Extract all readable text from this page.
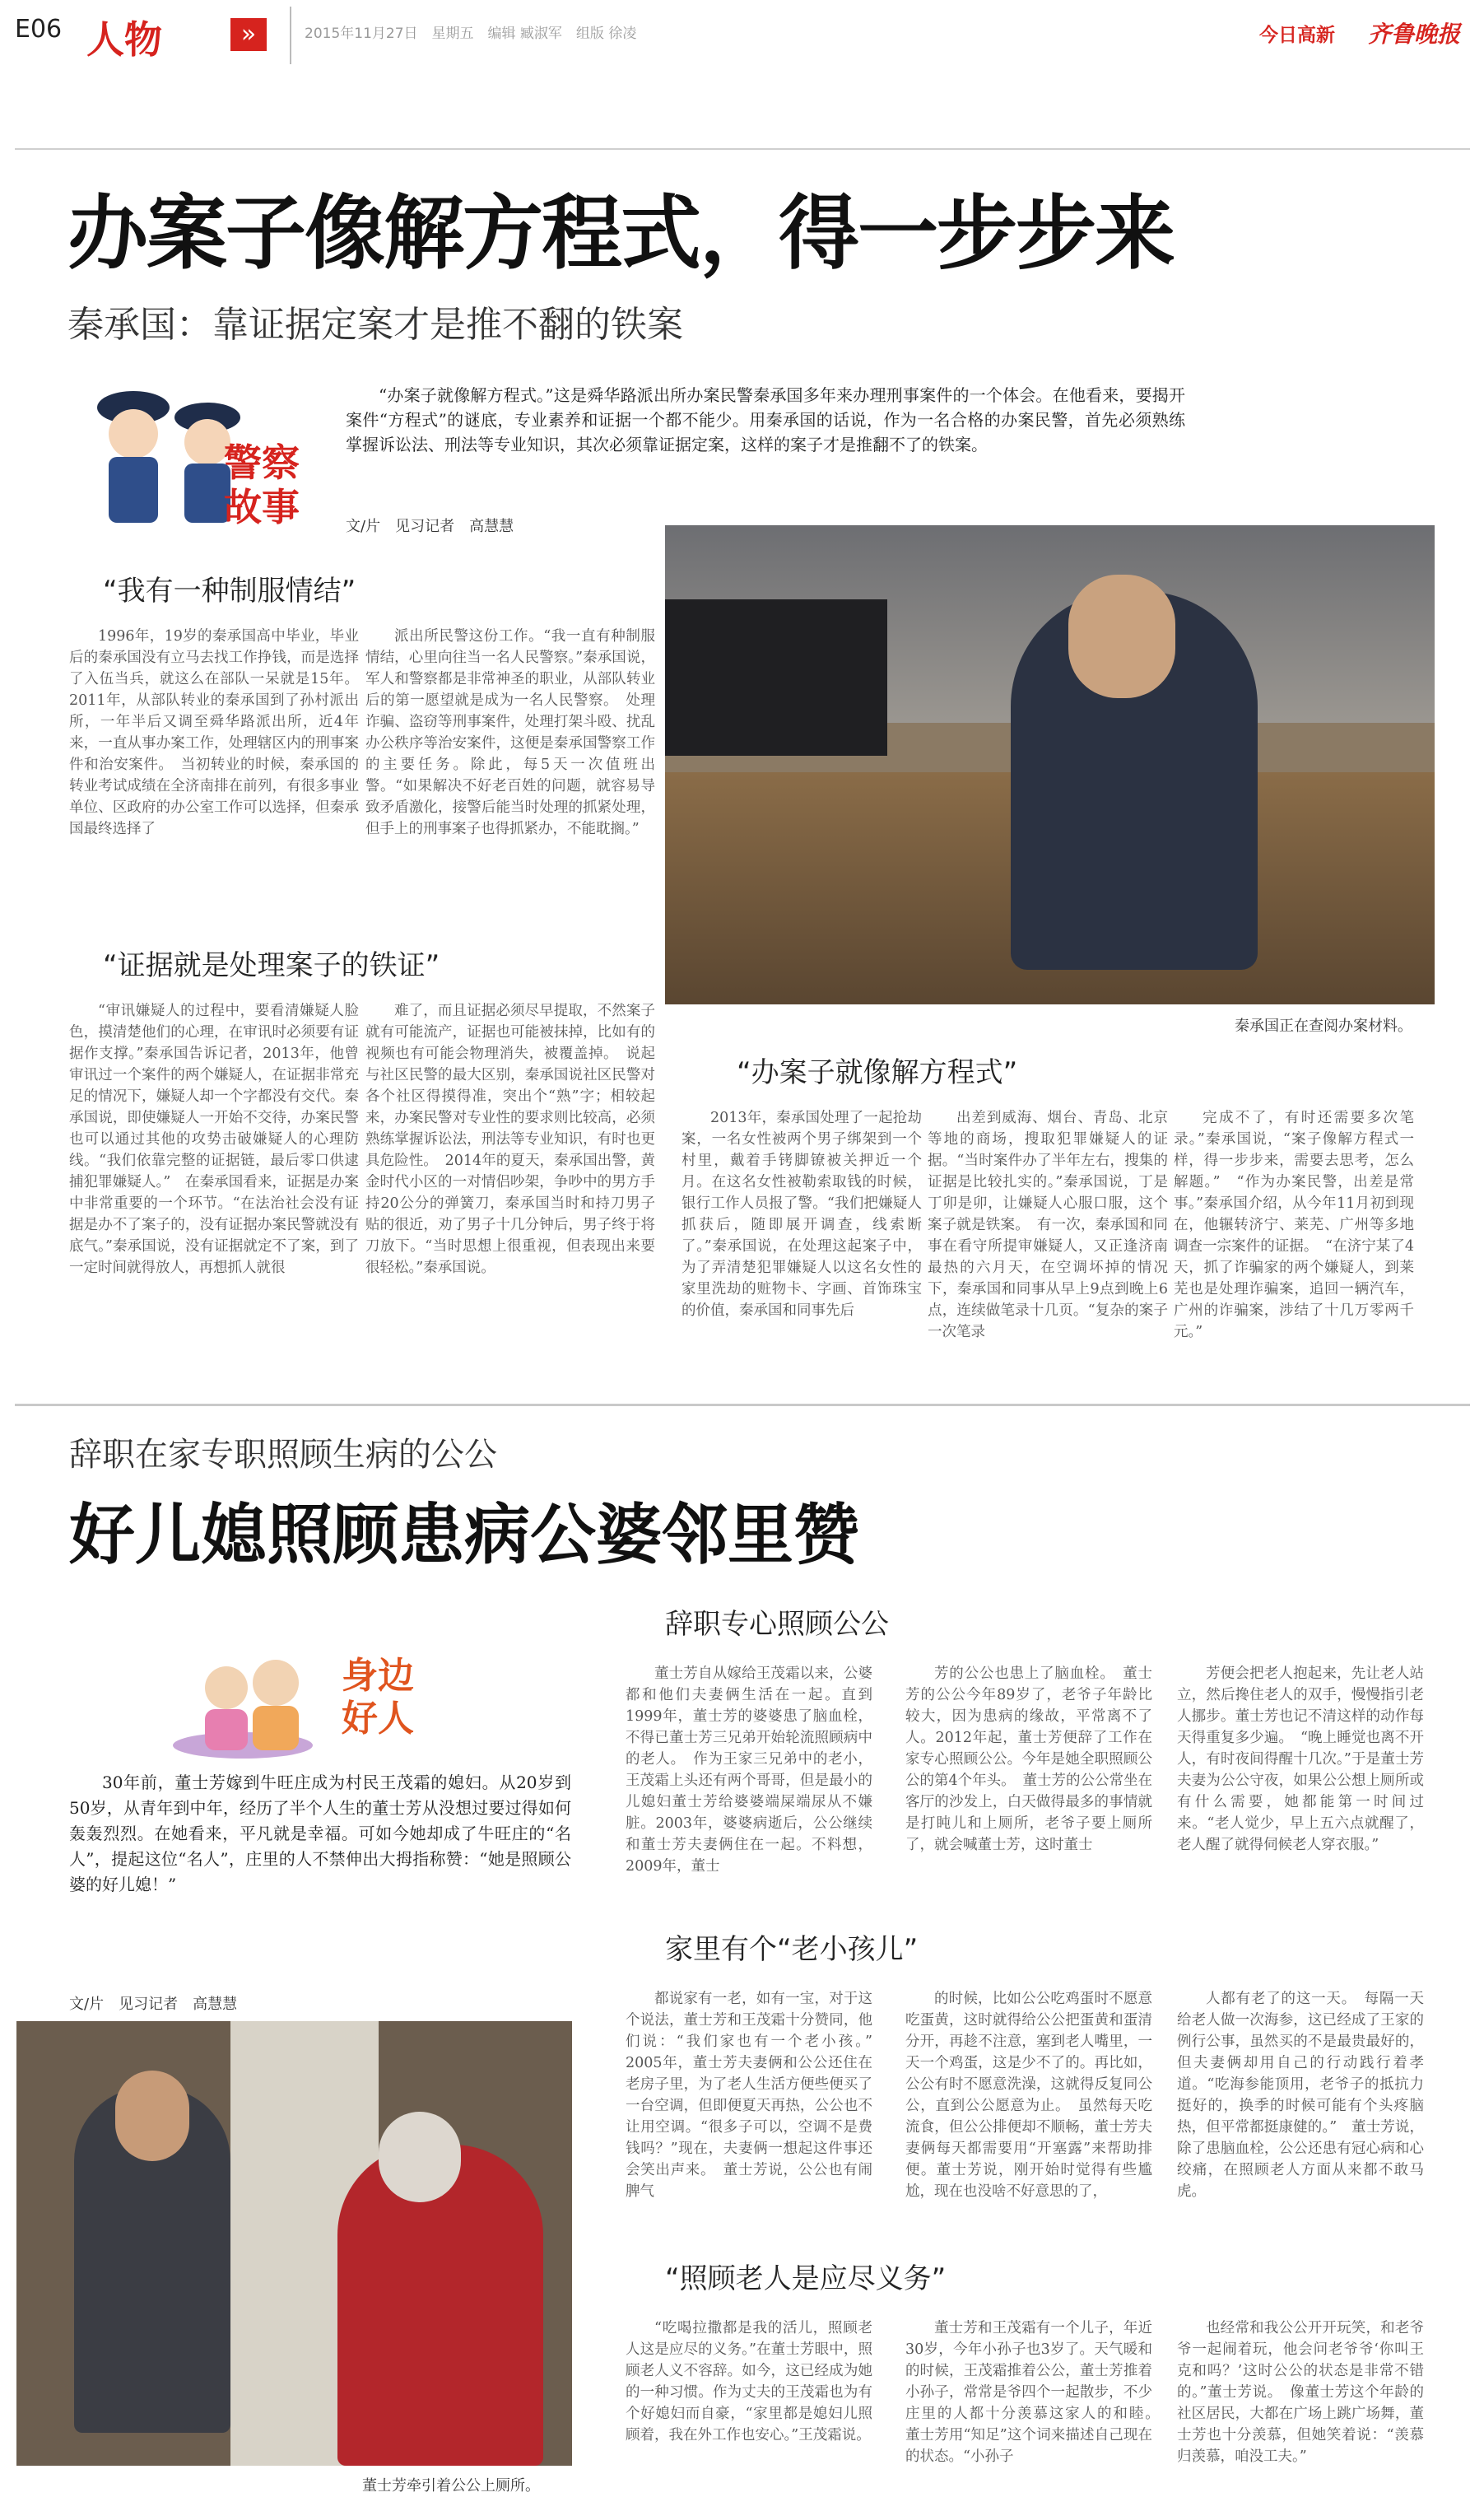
E06 人物	»	2015年11月27日　星期五　编辑 臧淑军　组版 徐凌	今日高新 齐鲁晚报
办案子像解方程式，得一步步来
秦承国：靠证据定案才是推不翻的铁案
警察故事

“办案子就像解方程式。”这是舜华路派出所办案民警秦承国多年来办理刑事案件的一个体会。在他看来，要揭开案件“方程式”的谜底，专业素养和证据一个都不能少。用秦承国的话说，作为一名合格的办案民警，首先必须熟练掌握诉讼法、刑法等专业知识，其次必须靠证据定案，这样的案子才是推翻不了的铁案。

文/片　见习记者　高慧慧
秦承国正在查阅办案材料。
“我有一种制服情结”

1996年，19岁的秦承国高中毕业，毕业后的秦承国没有立马去找工作挣钱，而是选择了入伍当兵，就这么在部队一呆就是15年。2011年，从部队转业的秦承国到了孙村派出所，一年半后又调至舜华路派出所，近4年来，一直从事办案工作，处理辖区内的刑事案件和治安案件。　当初转业的时候，秦承国的转业考试成绩在全济南排在前列，有很多事业单位、区政府的办公室工作可以选择，但秦承国最终选择了

派出所民警这份工作。“我一直有种制服情结，心里向往当一名人民警察。”秦承国说，军人和警察都是非常神圣的职业，从部队转业后的第一愿望就是成为一名人民警察。　处理诈骗、盗窃等刑事案件，处理打架斗殴、扰乱办公秩序等治安案件，这便是秦承国警察工作的主要任务。除此，每5天一次值班出警。“如果解决不好老百姓的问题，就容易导致矛盾激化，接警后能当时处理的抓紧处理，但手上的刑事案子也得抓紧办，不能耽搁。”

“证据就是处理案子的铁证”

“审讯嫌疑人的过程中，要看清嫌疑人脸色，摸清楚他们的心理，在审讯时必须要有证据作支撑。”秦承国告诉记者，2013年，他曾审讯过一个案件的两个嫌疑人，在证据非常充足的情况下，嫌疑人却一个字都没有交代。秦承国说，即使嫌疑人一开始不交待，办案民警也可以通过其他的攻势击破嫌疑人的心理防线。“我们依靠完整的证据链，最后零口供逮捕犯罪嫌疑人。”　在秦承国看来，证据是办案中非常重要的一个环节。“在法治社会没有证据是办不了案子的，没有证据办案民警就没有底气。”秦承国说，没有证据就定不了案，到了一定时间就得放人，再想抓人就很

难了，而且证据必须尽早提取，不然案子就有可能流产，证据也可能被抹掉，比如有的视频也有可能会物理消失，被覆盖掉。　说起与社区民警的最大区别，秦承国说社区民警对各个社区得摸得准，突出个“熟”字；相较起来，办案民警对专业性的要求则比较高，必须熟练掌握诉讼法，刑法等专业知识，有时也更具危险性。　2014年的夏天，秦承国出警，黄金时代小区的一对情侣吵架，争吵中的男方手持20公分的弹簧刀，秦承国当时和持刀男子贴的很近，劝了男子十几分钟后，男子终于将刀放下。“当时思想上很重视，但表现出来要很轻松。”秦承国说。

“办案子就像解方程式”

2013年，秦承国处理了一起抢劫案，一名女性被两个男子绑架到一个村里，戴着手铐脚镣被关押近一个月。在这名女性被勒索取钱的时候，银行工作人员报了警。“我们把嫌疑人抓获后，随即展开调查，线索断了。”秦承国说，在处理这起案子中，为了弄清楚犯罪嫌疑人以这名女性的家里洗劫的赃物卡、字画、首饰珠宝的价值，秦承国和同事先后

出差到威海、烟台、青岛、北京等地的商场，搜取犯罪嫌疑人的证据。“当时案件办了半年左右，搜集的证据是比较扎实的。”秦承国说，丁是丁卯是卯，让嫌疑人心服口服，这个案子就是铁案。　有一次，秦承国和同事在看守所提审嫌疑人，又正逢济南最热的六月天，在空调坏掉的情况下，秦承国和同事从早上9点到晚上6点，连续做笔录十几页。“复杂的案子一次笔录

完成不了，有时还需要多次笔录。”秦承国说，“案子像解方程式一样，得一步步来，需要去思考，怎么解题。”　“作为办案民警，出差是常事。”秦承国介绍，从今年11月初到现在，他辗转济宁、莱芜、广州等多地调查一宗案件的证据。　“在济宁某了4天，抓了诈骗家的两个嫌疑人，到莱芜也是处理诈骗案，追回一辆汽车，广州的诈骗案，涉结了十几万零两千元。”

辞职在家专职照顾生病的公公
好儿媳照顾患病公婆邻里赞
身边好人

30年前，董士芳嫁到牛旺庄成为村民王茂霜的媳妇。从20岁到50岁，从青年到中年，经历了半个人生的董士芳从没想过要过得如何轰轰烈烈。在她看来，平凡就是幸福。可如今她却成了牛旺庄的“名人”，提起这位“名人”，庄里的人不禁伸出大拇指称赞：“她是照顾公婆的好儿媳！”

文/片　见习记者　高慧慧
董士芳牵引着公公上厕所。
辞职专心照顾公公

董士芳自从嫁给王茂霜以来，公婆都和他们夫妻俩生活在一起。直到1999年，董士芳的婆婆患了脑血栓，不得已董士芳三兄弟开始轮流照顾病中的老人。　作为王家三兄弟中的老小，王茂霜上头还有两个哥哥，但是最小的儿媳妇董士芳给婆婆端屎端尿从不嫌脏。2003年，婆婆病逝后，公公继续和董士芳夫妻俩住在一起。不料想，2009年，董士

芳的公公也患上了脑血栓。　董士芳的公公今年89岁了，老爷子年龄比较大，因为患病的缘故，平常离不了人。2012年起，董士芳便辞了工作在家专心照顾公公。今年是她全职照顾公公的第4个年头。　董士芳的公公常坐在客厅的沙发上，白天做得最多的事情就是打盹儿和上厕所，老爷子要上厕所了，就会喊董士芳，这时董士

芳便会把老人抱起来，先让老人站立，然后搀住老人的双手，慢慢指引老人挪步。董士芳也记不清这样的动作每天得重复多少遍。　“晚上睡觉也离不开人，有时夜间得醒十几次。”于是董士芳夫妻为公公守夜，如果公公想上厕所或有什么需要，她都能第一时间过来。“老人觉少，早上五六点就醒了，老人醒了就得伺候老人穿衣服。”

家里有个“老小孩儿”

都说家有一老，如有一宝，对于这个说法，董士芳和王茂霜十分赞同，他们说：“我们家也有一个老小孩。”　2005年，董士芳夫妻俩和公公还住在老房子里，为了老人生活方便些便买了一台空调，但即便夏天再热，公公也不让用空调。“很多子可以，空调不是费钱吗？”现在，夫妻俩一想起这件事还会笑出声来。　董士芳说，公公也有闹脾气

的时候，比如公公吃鸡蛋时不愿意吃蛋黄，这时就得给公公把蛋黄和蛋清分开，再趁不注意，塞到老人嘴里，一天一个鸡蛋，这是少不了的。再比如，公公有时不愿意洗澡，这就得反复同公公，直到公公愿意为止。　虽然每天吃流食，但公公排便却不顺畅，董士芳夫妻俩每天都需要用“开塞露”来帮助排便。董士芳说，刚开始时觉得有些尴尬，现在也没啥不好意思的了，

人都有老了的这一天。　每隔一天给老人做一次海参，这已经成了王家的例行公事，虽然买的不是最贵最好的，但夫妻俩却用自己的行动践行着孝道。“吃海参能顶用，老爷子的抵抗力挺好的，换季的时候可能有个头疼脑热，但平常都挺康健的。”　董士芳说，除了患脑血栓，公公还患有冠心病和心绞痛，在照顾老人方面从来都不敢马虎。

“照顾老人是应尽义务”

“吃喝拉撒都是我的活儿，照顾老人这是应尽的义务。”在董士芳眼中，照顾老人义不容辞。如今，这已经成为她的一种习惯。作为丈夫的王茂霜也为有个好媳妇而自豪，“家里都是媳妇儿照顾着，我在外工作也安心。”王茂霜说。

董士芳和王茂霜有一个儿子，年近30岁，今年小孙子也3岁了。天气暖和的时候，王茂霜推着公公，董士芳推着小孙子，常常是爷四个一起散步，不少庄里的人都十分羡慕这家人的和睦。　董士芳用“知足”这个词来描述自己现在的状态。“小孙子

也经常和我公公开开玩笑，和老爷爷一起闹着玩，他会问老爷爷‘你叫王克和吗？’这时公公的状态是非常不错的。”董士芳说。　像董士芳这个年龄的社区居民，大都在广场上跳广场舞，董士芳也十分羡慕，但她笑着说：“羡慕归羡慕，咱没工夫。”
